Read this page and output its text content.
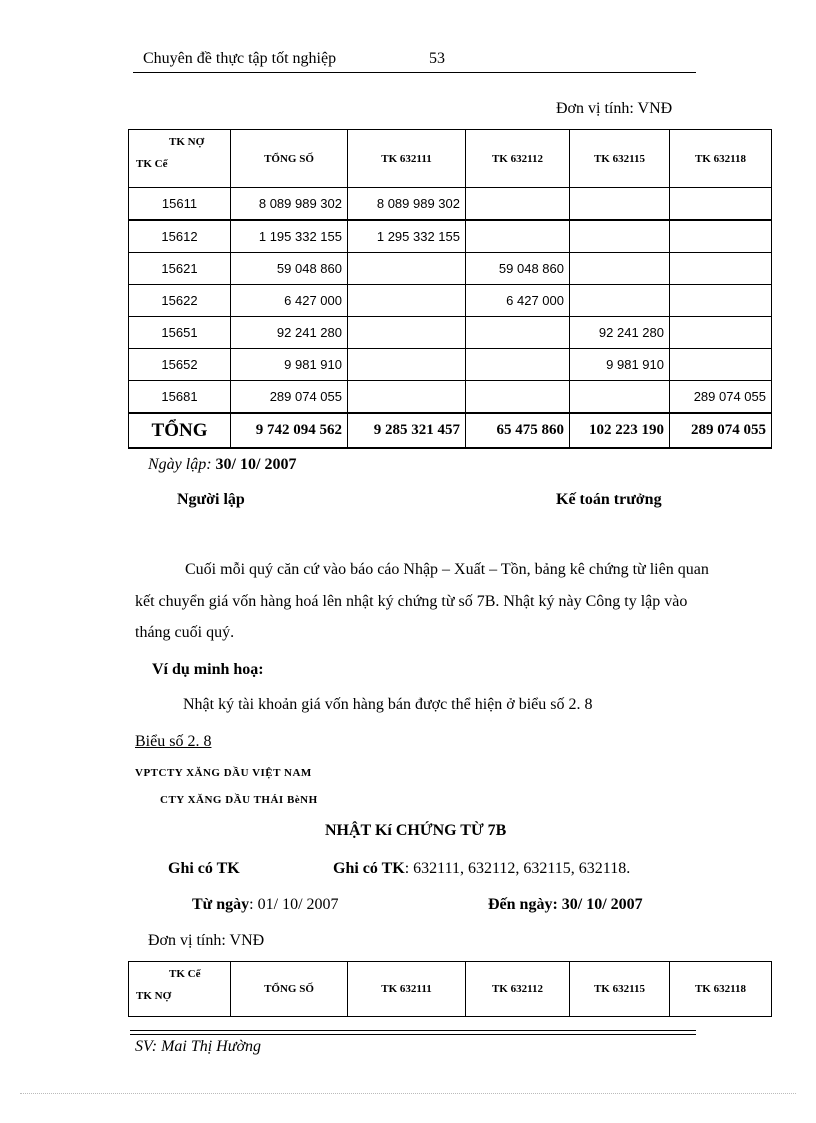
Chuyên đề thực tập tốt nghiệp	53
Đơn vị tính: VNĐ
TK NỢ
TK Cể	TỔNG SỐ	TK 632111	TK 632112	TK 632115	TK 632118
15611	8 089 989 302	8 089 989 302			
15612	1 195 332 155	1 295 332 155			
15621	59 048 860		59 048 860		
15622	6 427 000		6 427 000		
15651	92 241 280			92 241 280	
15652	9 981 910			9 981 910	
15681	289 074 055				289 074 055
TỔNG	9 742 094 562	9 285 321 457	65 475 860	102 223 190	289 074 055
Ngày lập: 30/ 10/ 2007
Người lập	Kế toán trưởng
Cuối mỗi quý căn cứ vào báo cáo Nhập – Xuất – Tồn, bảng kê chứng từ liên quan kết chuyển giá vốn hàng hoá lên nhật ký chứng từ số 7B. Nhật ký này Công ty lập vào tháng cuối quý.
Ví dụ minh hoạ:
Nhật ký tài khoản giá vốn hàng bán được thể hiện ở biểu số 2. 8
Biểu số 2. 8
VPTCTY XĂNG DẦU VIỆT NAM
CTY XĂNG DẦU THÁI BèNH
NHẬT Kí CHỨNG TỪ 7B
Ghi có TK	Ghi có TK: 632111, 632112, 632115, 632118.
Từ ngày: 01/ 10/ 2007	Đến ngày: 30/ 10/ 2007
Đơn vị tính: VNĐ
TK Cể
TK NỢ
	TỔNG SỐ	TK 632111	TK 632112	TK 632115	TK 632118
SV: Mai Thị Hường
